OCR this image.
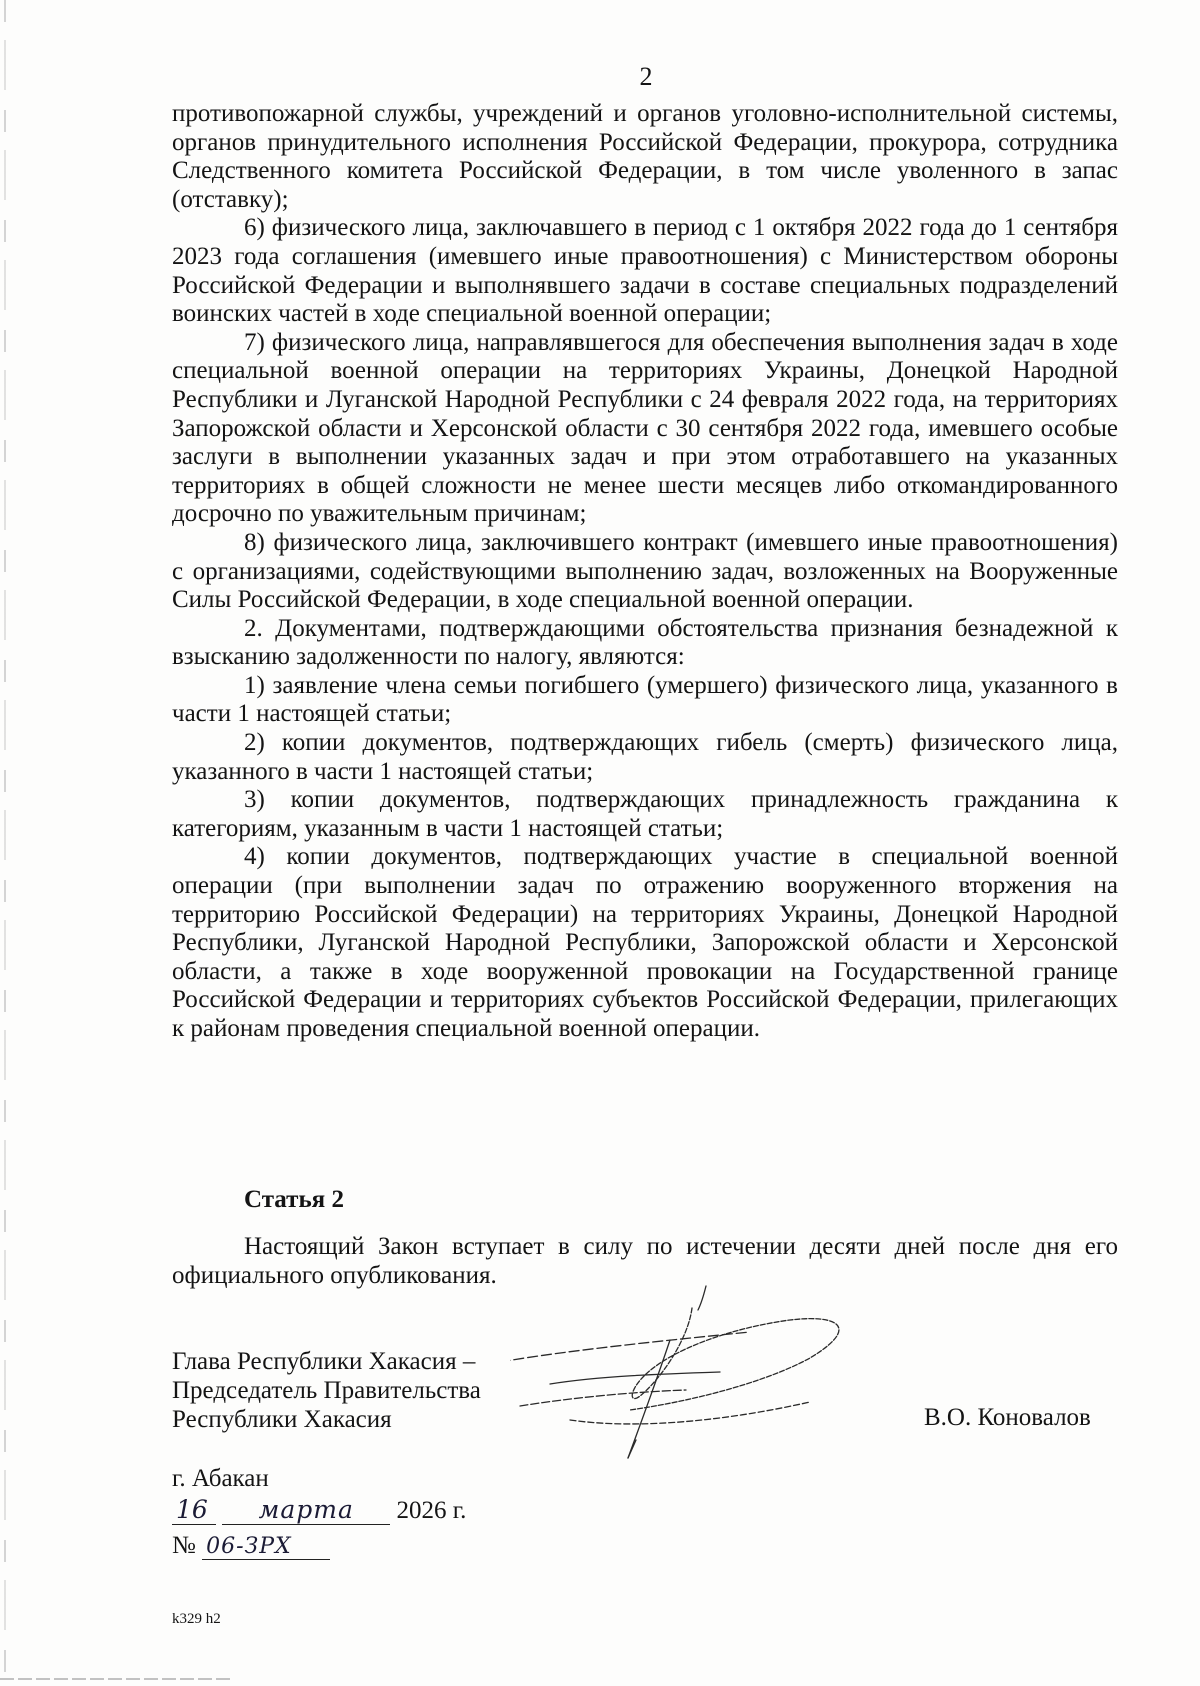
2

противопожарной службы, учреждений и органов уголовно-исполнительной системы, органов принудительного исполнения Российской Федерации, прокурора, сотрудника Следственного комитета Российской Федерации, в том числе уволенного в запас (отставку);

6) физического лица, заключавшего в период с 1 октября 2022 года до 1 сентября 2023 года соглашения (имевшего иные правоотношения) с Министерством обороны Российской Федерации и выполнявшего задачи в составе специальных подразделений воинских частей в ходе специальной военной операции;

7) физического лица, направлявшегося для обеспечения выполнения задач в ходе специальной военной операции на территориях Украины, Донецкой Народной Республики и Луганской Народной Республики с 24 февраля 2022 года, на территориях Запорожской области и Херсонской области с 30 сентября 2022 года, имевшего особые заслуги в выполнении указанных задач и при этом отработавшего на указанных территориях в общей сложности не менее шести месяцев либо откомандированного досрочно по уважительным причинам;

8) физического лица, заключившего контракт (имевшего иные правоотношения) с организациями, содействующими выполнению задач, возложенных на Вооруженные Силы Российской Федерации, в ходе специальной военной операции.

2. Документами, подтверждающими обстоятельства признания безнадежной к взысканию задолженности по налогу, являются:

1) заявление члена семьи погибшего (умершего) физического лица, указанного в части 1 настоящей статьи;

2) копии документов, подтверждающих гибель (смерть) физического лица, указанного в части 1 настоящей статьи;

3) копии документов, подтверждающих принадлежность гражданина к категориям, указанным в части 1 настоящей статьи;

4) копии документов, подтверждающих участие в специальной военной операции (при выполнении задач по отражению вооруженного вторжения на территорию Российской Федерации) на территориях Украины, Донецкой Народной Республики, Луганской Народной Республики, Запорожской области и Херсонской области, а также в ходе вооруженной провокации на Государственной границе Российской Федерации и территориях субъектов Российской Федерации, прилегающих к районам проведения специальной военной операции.

Статья 2

Настоящий Закон вступает в силу по истечении десяти дней после дня его официального опубликования.

Глава Республики Хакасия –
Председатель Правительства
Республики Хакасия	В.О. Коновалов
г. Абакан
16 марта 2026 г.
№ 06-ЗРХ
k329 h2
